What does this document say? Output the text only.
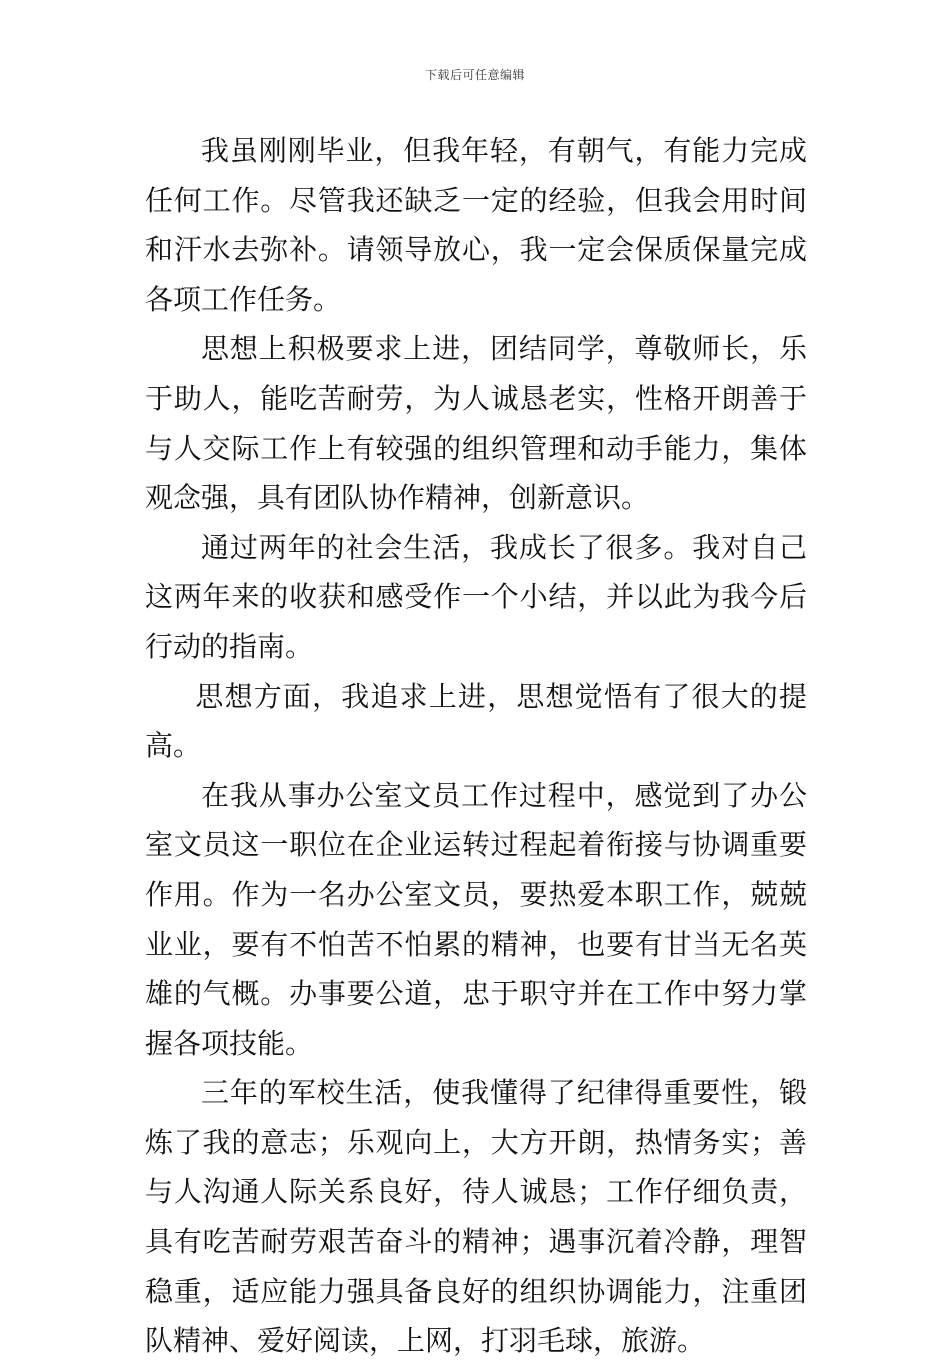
下载后可任意编辑

我虽刚刚毕业，但我年轻，有朝气，有能力完成任何工作。尽管我还缺乏一定的经验，但我会用时间和汗水去弥补。请领导放心，我一定会保质保量完成各项工作任务。

思想上积极要求上进，团结同学，尊敬师长，乐于助人，能吃苦耐劳，为人诚恳老实，性格开朗善于与人交际工作上有较强的组织管理和动手能力，集体观念强，具有团队协作精神，创新意识。

通过两年的社会生活，我成长了很多。我对自己这两年来的收获和感受作一个小结，并以此为我今后行动的指南。

思想方面，我追求上进，思想觉悟有了很大的提高。

在我从事办公室文员工作过程中，感觉到了办公室文员这一职位在企业运转过程起着衔接与协调重要作用。作为一名办公室文员，要热爱本职工作，兢兢业业，要有不怕苦不怕累的精神，也要有甘当无名英雄的气概。办事要公道，忠于职守并在工作中努力掌握各项技能。

三年的军校生活，使我懂得了纪律得重要性，锻炼了我的意志；乐观向上，大方开朗，热情务实；善与人沟通人际关系良好，待人诚恳；工作仔细负责，具有吃苦耐劳艰苦奋斗的精神；遇事沉着冷静，理智稳重，适应能力强具备良好的组织协调能力，注重团队精神、爱好阅读，上网，打羽毛球，旅游。
